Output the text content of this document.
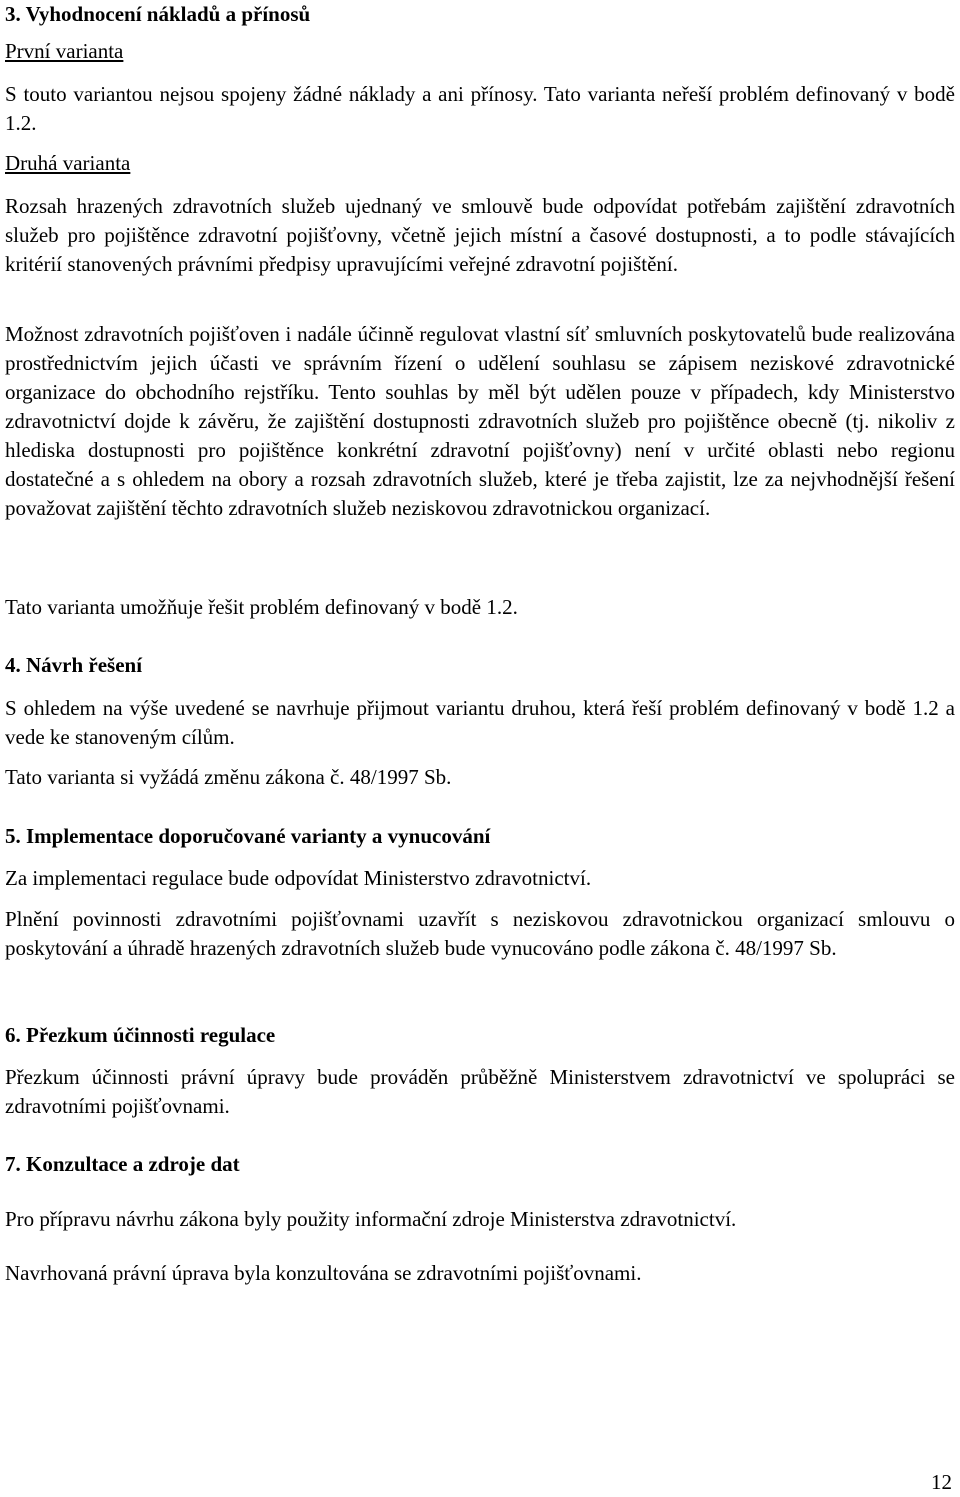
3. Vyhodnocení nákladů a přínosů
První varianta

S touto variantou nejsou spojeny žádné náklady a ani přínosy. Tato varianta neřeší problém definovaný v bodě 1.2.

Druhá varianta

Rozsah hrazených zdravotních služeb ujednaný ve smlouvě bude odpovídat potřebám zajištění zdravotních služeb pro pojištěnce zdravotní pojišťovny, včetně jejich místní a časové dostupnosti, a to podle stávajících kritérií stanovených právními předpisy upravujícími veřejné zdravotní pojištění.

Možnost zdravotních pojišťoven i nadále účinně regulovat vlastní síť smluvních poskytovatelů bude realizována prostřednictvím jejich účasti ve správním řízení o udělení souhlasu se zápisem neziskové zdravotnické organizace do obchodního rejstříku. Tento souhlas by měl být udělen pouze v případech, kdy Ministerstvo zdravotnictví dojde k závěru, že zajištění dostupnosti zdravotních služeb pro pojištěnce obecně (tj. nikoliv z hlediska dostupnosti pro pojištěnce konkrétní zdravotní pojišťovny) není v určité oblasti nebo regionu dostatečné a s ohledem na obory a rozsah zdravotních služeb, které je třeba zajistit, lze za nejvhodnější řešení považovat zajištění těchto zdravotních služeb neziskovou zdravotnickou organizací.

Tato varianta umožňuje řešit problém definovaný v bodě 1.2.

4. Návrh řešení

S ohledem na výše uvedené se navrhuje přijmout variantu druhou, která řeší problém definovaný v bodě 1.2 a vede ke stanoveným cílům.

Tato varianta si vyžádá změnu zákona č. 48/1997 Sb.

5. Implementace doporučované varianty a vynucování

Za implementaci regulace bude odpovídat Ministerstvo zdravotnictví.

Plnění povinnosti zdravotními pojišťovnami uzavřít s neziskovou zdravotnickou organizací smlouvu o poskytování a úhradě hrazených zdravotních služeb bude vynucováno podle zákona č. 48/1997 Sb.

6. Přezkum účinnosti regulace

Přezkum účinnosti právní úpravy bude prováděn průběžně Ministerstvem zdravotnictví ve spolupráci se zdravotními pojišťovnami.

7. Konzultace a zdroje dat

Pro přípravu návrhu zákona byly použity informační zdroje Ministerstva zdravotnictví.

Navrhovaná právní úprava byla konzultována se zdravotními pojišťovnami.

12
